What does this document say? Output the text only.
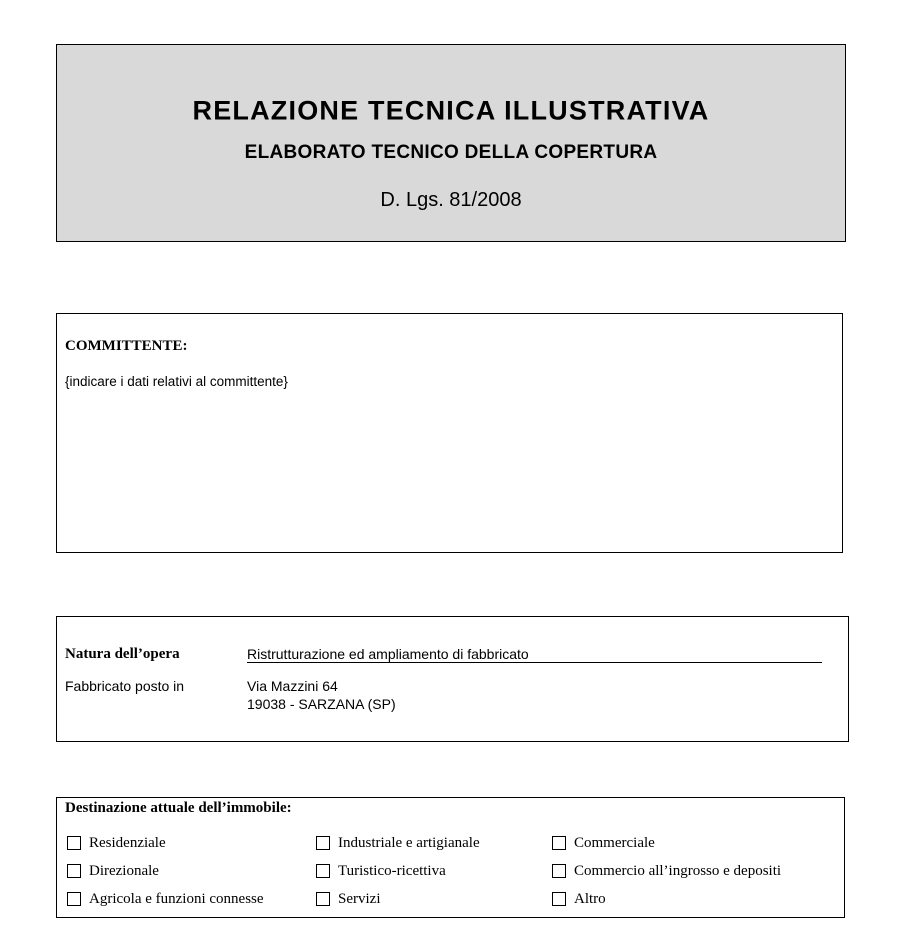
RELAZIONE TECNICA ILLUSTRATIVA
ELABORATO TECNICO DELLA COPERTURA
D. Lgs. 81/2008
COMMITTENTE:
{indicare i dati relativi al committente}
Natura dell’opera	Ristrutturazione ed ampliamento di fabbricato
Fabbricato posto in	Via Mazzini 64
19038 - SARZANA (SP)
Destinazione attuale dell’immobile:
Residenziale	Industriale e artigianale	Commerciale
Direzionale	Turistico-ricettiva	Commercio all’ingrosso e depositi
Agricola e funzioni connesse	Servizi	Altro
